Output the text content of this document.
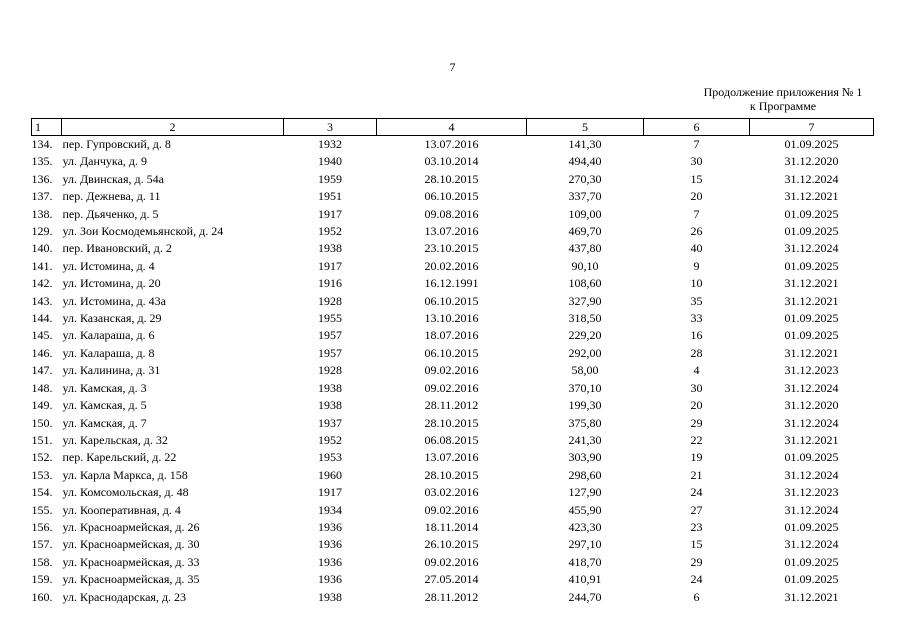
7
Продолжение приложения № 1
к Программе
1	2	3	4	5	6	7
134.	пер. Гупровский, д. 8	1932	13.07.2016	141,30	7	01.09.2025
135.	ул. Данчука, д. 9	1940	03.10.2014	494,40	30	31.12.2020
136.	ул. Двинская, д. 54а	1959	28.10.2015	270,30	15	31.12.2024
137.	пер. Дежнева, д. 11	1951	06.10.2015	337,70	20	31.12.2021
138.	пер. Дьяченко, д. 5	1917	09.08.2016	109,00	7	01.09.2025
129.	ул. Зои Космодемьянской, д. 24	1952	13.07.2016	469,70	26	01.09.2025
140.	пер. Ивановский, д. 2	1938	23.10.2015	437,80	40	31.12.2024
141.	ул. Истомина, д. 4	1917	20.02.2016	90,10	9	01.09.2025
142.	ул. Истомина, д. 20	1916	16.12.1991	108,60	10	31.12.2021
143.	ул. Истомина, д. 43а	1928	06.10.2015	327,90	35	31.12.2021
144.	ул. Казанская, д. 29	1955	13.10.2016	318,50	33	01.09.2025
145.	ул. Калараша, д. 6	1957	18.07.2016	229,20	16	01.09.2025
146.	ул. Калараша, д. 8	1957	06.10.2015	292,00	28	31.12.2021
147.	ул. Калинина, д. 31	1928	09.02.2016	58,00	4	31.12.2023
148.	ул. Камская, д. 3	1938	09.02.2016	370,10	30	31.12.2024
149.	ул. Камская, д. 5	1938	28.11.2012	199,30	20	31.12.2020
150.	ул. Камская, д. 7	1937	28.10.2015	375,80	29	31.12.2024
151.	ул. Карельская, д. 32	1952	06.08.2015	241,30	22	31.12.2021
152.	пер. Карельский, д. 22	1953	13.07.2016	303,90	19	01.09.2025
153.	ул. Карла Маркса, д. 158	1960	28.10.2015	298,60	21	31.12.2024
154.	ул. Комсомольская, д. 48	1917	03.02.2016	127,90	24	31.12.2023
155.	ул. Кооперативная, д. 4	1934	09.02.2016	455,90	27	31.12.2024
156.	ул. Красноармейская, д. 26	1936	18.11.2014	423,30	23	01.09.2025
157.	ул. Красноармейская, д. 30	1936	26.10.2015	297,10	15	31.12.2024
158.	ул. Красноармейская, д. 33	1936	09.02.2016	418,70	29	01.09.2025
159.	ул. Красноармейская, д. 35	1936	27.05.2014	410,91	24	01.09.2025
160.	ул. Краснодарская, д. 23	1938	28.11.2012	244,70	6	31.12.2021
